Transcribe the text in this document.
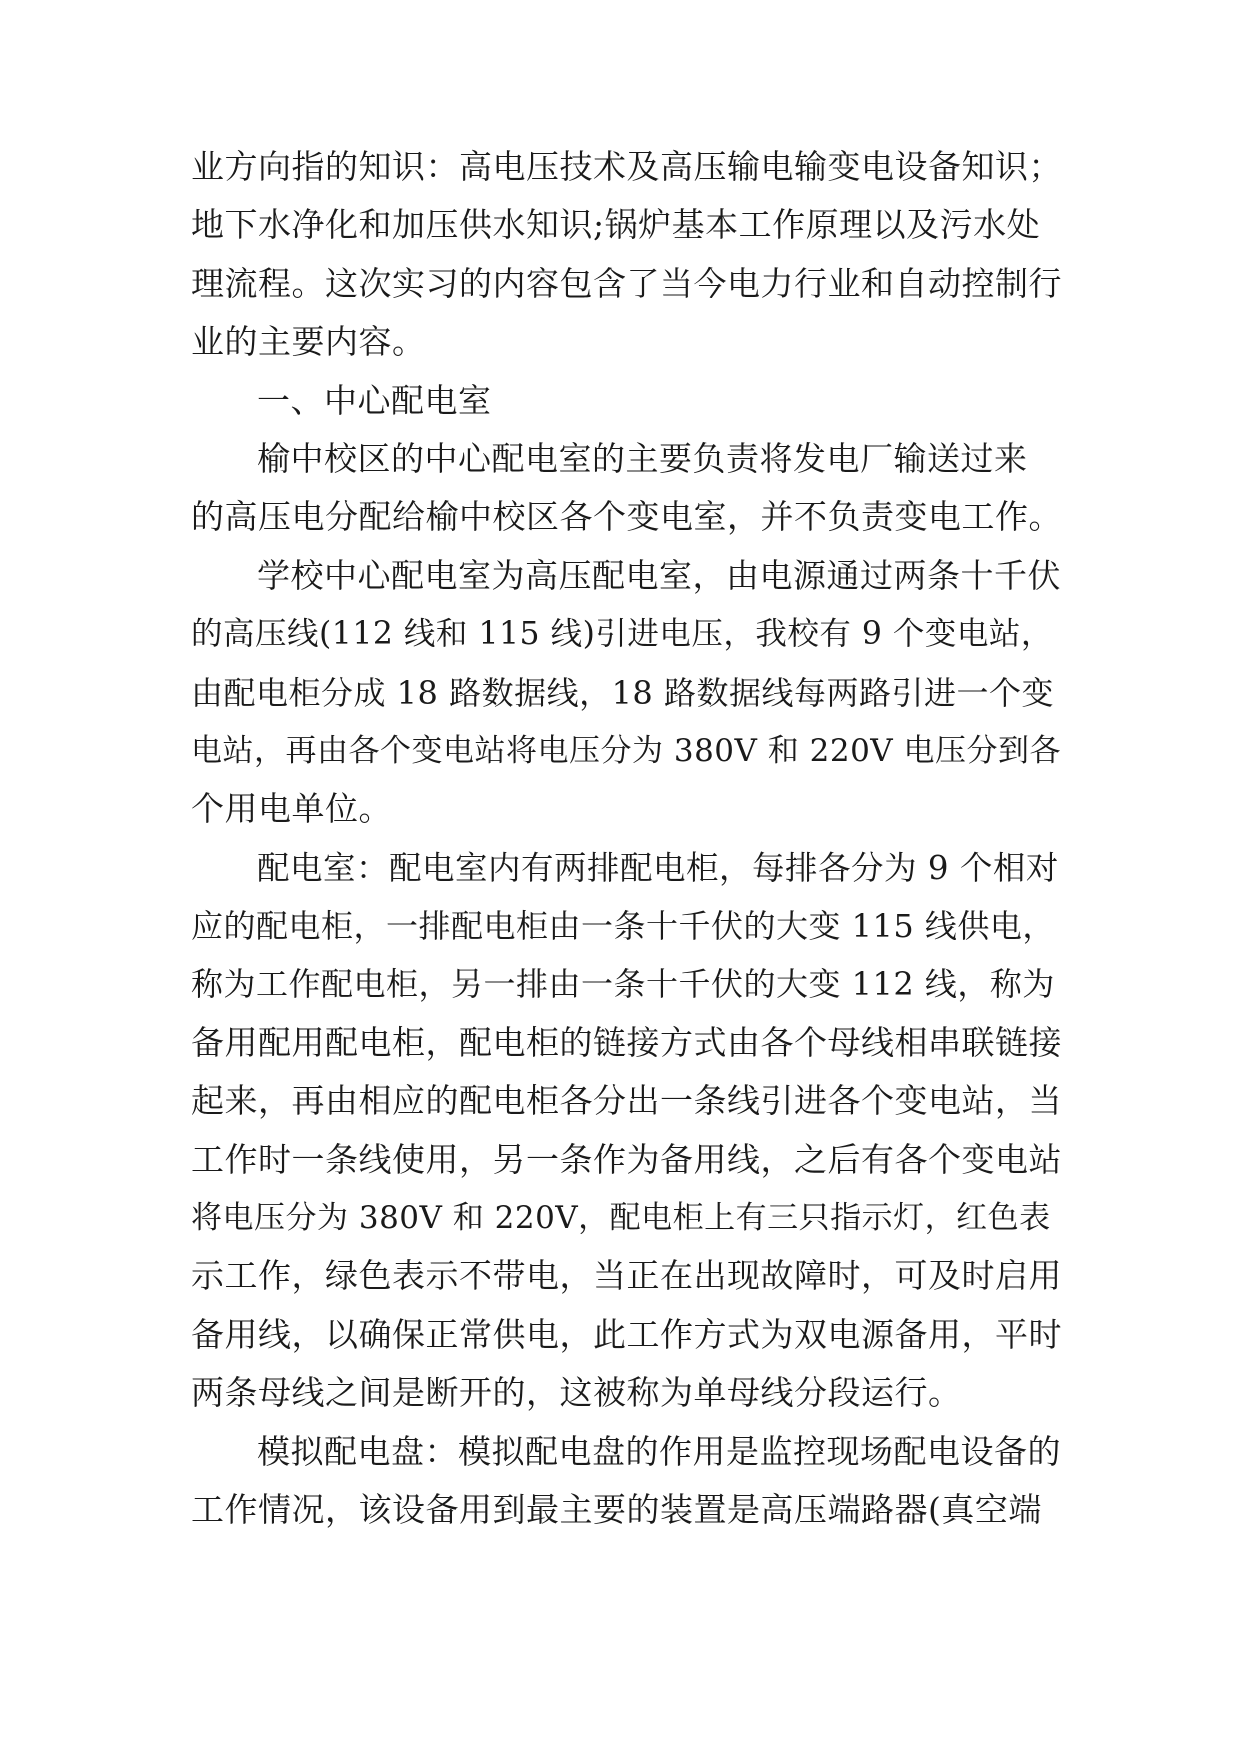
业方向指的知识：高电压技术及高压输电输变电设备知识；
地下水净化和加压供水知识;锅炉基本工作原理以及污水处
理流程。这次实习的内容包含了当今电力行业和自动控制行
业的主要内容。
一、中心配电室
榆中校区的中心配电室的主要负责将发电厂输送过来
的高压电分配给榆中校区各个变电室，并不负责变电工作。
学校中心配电室为高压配电室，由电源通过两条十千伏
的高压线(112 线和 115 线)引进电压，我校有 9 个变电站，
由配电柜分成 18 路数据线，18 路数据线每两路引进一个变
电站，再由各个变电站将电压分为 380V 和 220V 电压分到各
个用电单位。
配电室：配电室内有两排配电柜，每排各分为 9 个相对
应的配电柜，一排配电柜由一条十千伏的大变 115 线供电，
称为工作配电柜，另一排由一条十千伏的大变 112 线，称为
备用配用配电柜，配电柜的链接方式由各个母线相串联链接
起来，再由相应的配电柜各分出一条线引进各个变电站，当
工作时一条线使用，另一条作为备用线，之后有各个变电站
将电压分为 380V 和 220V，配电柜上有三只指示灯，红色表
示工作，绿色表示不带电，当正在出现故障时，可及时启用
备用线，以确保正常供电，此工作方式为双电源备用，平时
两条母线之间是断开的，这被称为单母线分段运行。
模拟配电盘：模拟配电盘的作用是监控现场配电设备的
工作情况，该设备用到最主要的装置是高压端路器(真空端
